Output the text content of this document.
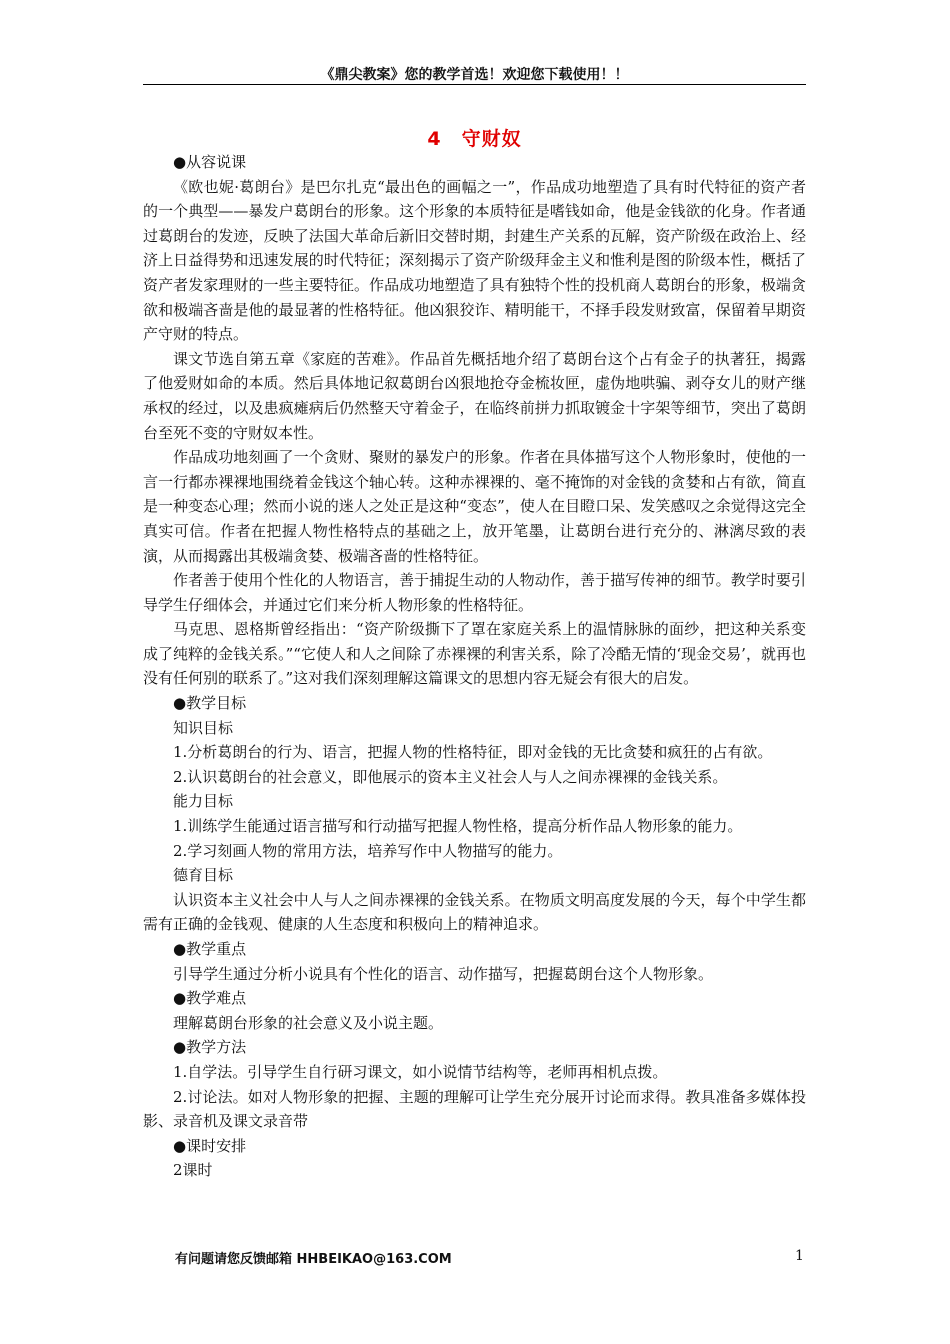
《鼎尖教案》您的教学首选！欢迎您下载使用！！
4　守财奴

●从容说课

《欧也妮·葛朗台》是巴尔扎克“最出色的画幅之一”，作品成功地塑造了具有时代特征的资产者的一个典型——暴发户葛朗台的形象。这个形象的本质特征是嗜钱如命，他是金钱欲的化身。作者通过葛朗台的发迹，反映了法国大革命后新旧交替时期，封建生产关系的瓦解，资产阶级在政治上、经济上日益得势和迅速发展的时代特征；深刻揭示了资产阶级拜金主义和惟利是图的阶级本性，概括了资产者发家理财的一些主要特征。作品成功地塑造了具有独特个性的投机商人葛朗台的形象，极端贪欲和极端吝啬是他的最显著的性格特征。他凶狠狡诈、精明能干，不择手段发财致富，保留着早期资产守财的特点。

课文节选自第五章《家庭的苦难》。作品首先概括地介绍了葛朗台这个占有金子的执著狂，揭露了他爱财如命的本质。然后具体地记叙葛朗台凶狠地抢夺金梳妆匣，虚伪地哄骗、剥夺女儿的财产继承权的经过，以及患疯瘫病后仍然整天守着金子，在临终前拼力抓取镀金十字架等细节，突出了葛朗台至死不变的守财奴本性。

作品成功地刻画了一个贪财、聚财的暴发户的形象。作者在具体描写这个人物形象时，使他的一言一行都赤裸裸地围绕着金钱这个轴心转。这种赤裸裸的、毫不掩饰的对金钱的贪婪和占有欲，简直是一种变态心理；然而小说的迷人之处正是这种“变态”，使人在目瞪口呆、发笑感叹之余觉得这完全真实可信。作者在把握人物性格特点的基础之上，放开笔墨，让葛朗台进行充分的、淋漓尽致的表演，从而揭露出其极端贪婪、极端吝啬的性格特征。

作者善于使用个性化的人物语言，善于捕捉生动的人物动作，善于描写传神的细节。教学时要引导学生仔细体会，并通过它们来分析人物形象的性格特征。

马克思、恩格斯曾经指出：“资产阶级撕下了罩在家庭关系上的温情脉脉的面纱，把这种关系变成了纯粹的金钱关系。”“它使人和人之间除了赤裸裸的利害关系，除了冷酷无情的‘现金交易’，就再也没有任何别的联系了。”这对我们深刻理解这篇课文的思想内容无疑会有很大的启发。

●教学目标

知识目标

1.分析葛朗台的行为、语言，把握人物的性格特征，即对金钱的无比贪婪和疯狂的占有欲。

2.认识葛朗台的社会意义，即他展示的资本主义社会人与人之间赤裸裸的金钱关系。

能力目标

1.训练学生能通过语言描写和行动描写把握人物性格，提高分析作品人物形象的能力。

2.学习刻画人物的常用方法，培养写作中人物描写的能力。

德育目标

认识资本主义社会中人与人之间赤裸裸的金钱关系。在物质文明高度发展的今天，每个中学生都需有正确的金钱观、健康的人生态度和积极向上的精神追求。

●教学重点

引导学生通过分析小说具有个性化的语言、动作描写，把握葛朗台这个人物形象。

●教学难点

理解葛朗台形象的社会意义及小说主题。

●教学方法

1.自学法。引导学生自行研习课文，如小说情节结构等，老师再相机点拨。

2.讨论法。如对人物形象的把握、主题的理解可让学生充分展开讨论而求得。教具准备多媒体投影、录音机及课文录音带

●课时安排

2课时

有问题请您反馈邮箱 HHBEIKAO@163.COM	1
